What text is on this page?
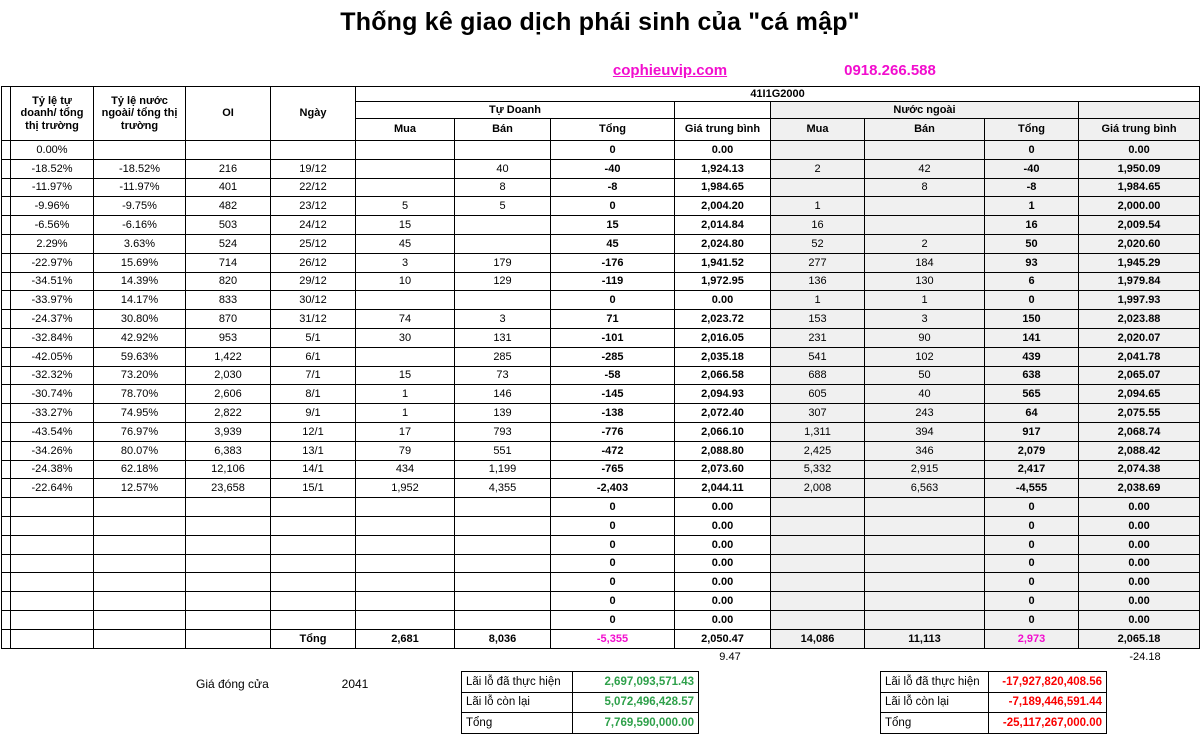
Thống kê giao dịch phái sinh của "cá mập"
cophieuvip.com	0918.266.588
	Tỷ lệ tự doanh/ tổng thị trường	Tỷ lệ nước ngoài/ tổng thị trường	OI	Ngày	41I1G2000							
					Tự Doanh				Nước ngoài			
					Mua	Bán	Tổng	Giá trung bình	Mua	Bán	Tổng	Giá trung bình
	0.00%						0	0.00			0	0.00
	-18.52%	-18.52%	216	19/12		40	-40	1,924.13	2	42	-40	1,950.09
	-11.97%	-11.97%	401	22/12		8	-8	1,984.65		8	-8	1,984.65
	-9.96%	-9.75%	482	23/12	5	5	0	2,004.20	1		1	2,000.00
	-6.56%	-6.16%	503	24/12	15		15	2,014.84	16		16	2,009.54
	2.29%	3.63%	524	25/12	45		45	2,024.80	52	2	50	2,020.60
	-22.97%	15.69%	714	26/12	3	179	-176	1,941.52	277	184	93	1,945.29
	-34.51%	14.39%	820	29/12	10	129	-119	1,972.95	136	130	6	1,979.84
	-33.97%	14.17%	833	30/12			0	0.00	1	1	0	1,997.93
	-24.37%	30.80%	870	31/12	74	3	71	2,023.72	153	3	150	2,023.88
	-32.84%	42.92%	953	5/1	30	131	-101	2,016.05	231	90	141	2,020.07
	-42.05%	59.63%	1,422	6/1		285	-285	2,035.18	541	102	439	2,041.78
	-32.32%	73.20%	2,030	7/1	15	73	-58	2,066.58	688	50	638	2,065.07
	-30.74%	78.70%	2,606	8/1	1	146	-145	2,094.93	605	40	565	2,094.65
	-33.27%	74.95%	2,822	9/1	1	139	-138	2,072.40	307	243	64	2,075.55
	-43.54%	76.97%	3,939	12/1	17	793	-776	2,066.10	1,311	394	917	2,068.74
	-34.26%	80.07%	6,383	13/1	79	551	-472	2,088.80	2,425	346	2,079	2,088.42
	-24.38%	62.18%	12,106	14/1	434	1,199	-765	2,073.60	5,332	2,915	2,417	2,074.38
	-22.64%	12.57%	23,658	15/1	1,952	4,355	-2,403	2,044.11	2,008	6,563	-4,555	2,038.69
							0	0.00			0	0.00
							0	0.00			0	0.00
							0	0.00			0	0.00
							0	0.00			0	0.00
							0	0.00			0	0.00
							0	0.00			0	0.00
							0	0.00			0	0.00
				Tổng	2,681	8,036	-5,355	2,050.47	14,086	11,113	2,973	2,065.18
9.47	-24.18
Giá đóng cửa	2041	Lãi lỗ đã thực hiện	2,697,093,571.43
Lãi lỗ còn lại	5,072,496,428.57
Tổng	7,769,590,000.00
Lãi lỗ đã thực hiện	-17,927,820,408.56
Lãi lỗ còn lại	-7,189,446,591.44
Tổng	-25,117,267,000.00
